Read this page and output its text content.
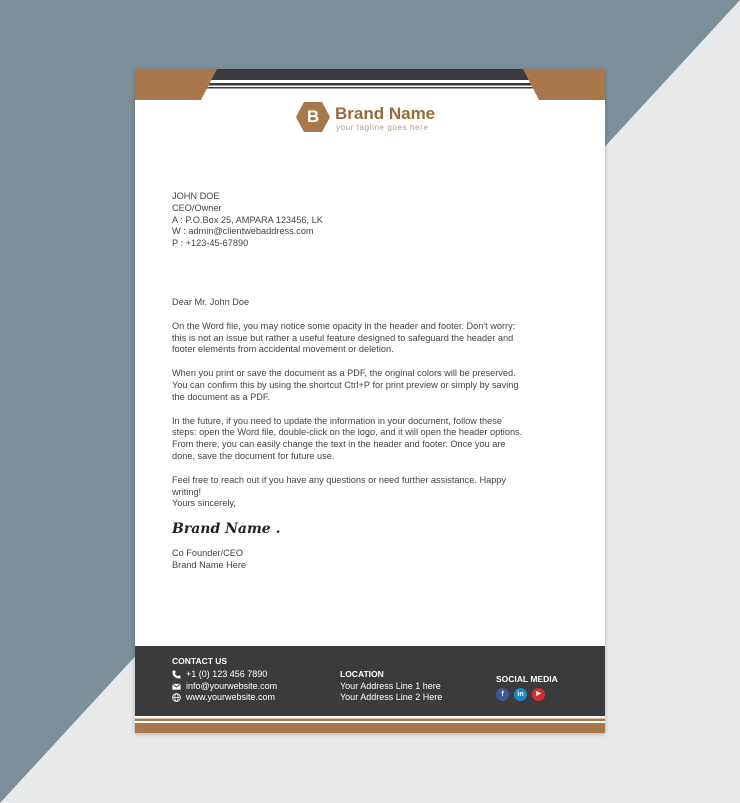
B Brand Name
your tagline goes here
JOHN DOE
CEO/Owner
A : P.O.Box 25, AMPARA 123456, LK
W : admin@clientwebaddress.com
P : +123-45-67890
Dear Mr. John Doe
On the Word file, you may notice some opacity in the header and footer. Don't worry;
this is not an issue but rather a useful feature designed to safeguard the header and
footer elements from accidental movement or deletion.
When you print or save the document as a PDF, the original colors will be preserved.
You can confirm this by using the shortcut Ctrl+P for print preview or simply by saving
the document as a PDF.
In the future, if you need to update the information in your document, follow these
steps: open the Word file, double-click on the logo, and it will open the header options.
From there, you can easily change the text in the header and footer. Once you are
done, save the document for future use.
Feel free to reach out if you have any questions or need further assistance. Happy
writing!
Yours sincerely,
Brand Name .
Co Founder/CEO
Brand Name Here
CONTACT US
+1 (0) 123 456 7890
info@yourwebsite.com
www.yourwebsite.com
LOCATION
Your Address Line 1 here
Your Address Line 2 Here
SOCIAL MEDIA
f	in	▶
